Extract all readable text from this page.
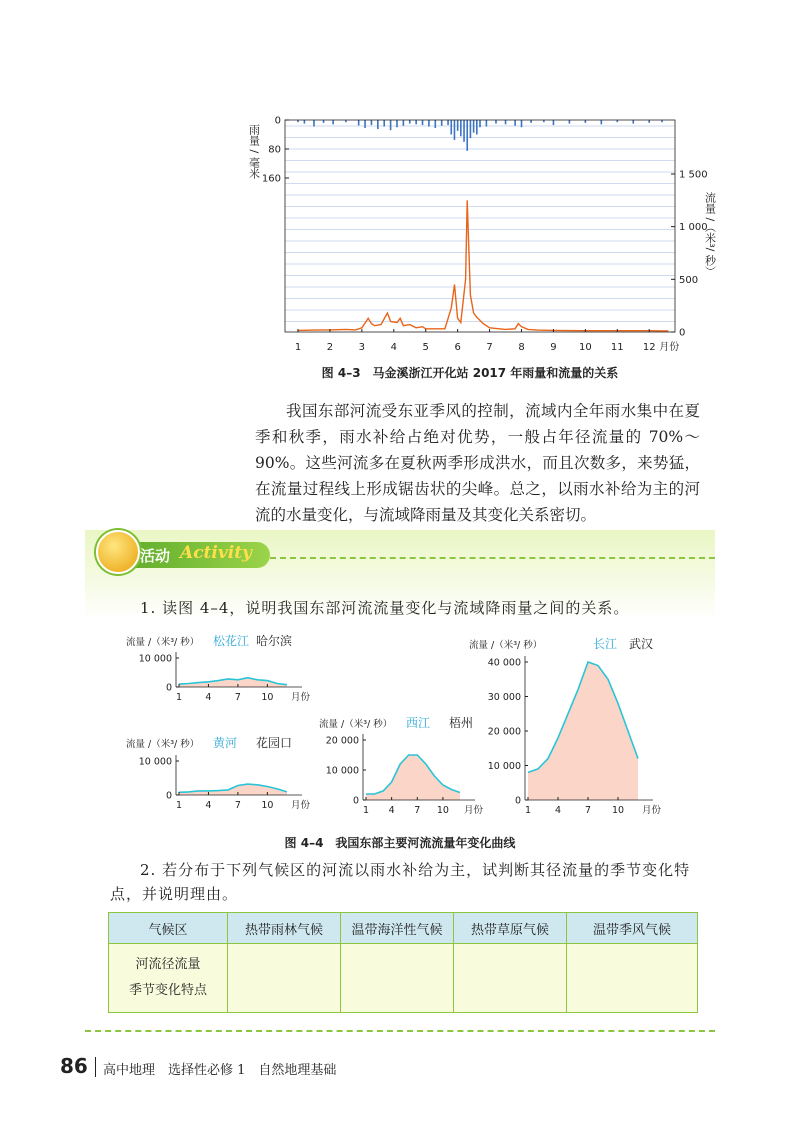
0
80
160
0
500
1 000
1 500
1	2	3	4	5	6	7	8	9 10 11 12 月份
雨量 / 毫米
流量 /（米³/ 秒）
图 4–3　马金溪浙江开化站 2017 年雨量和流量的关系
我国东部河流受东亚季风的控制，流域内全年雨水集中在夏季和秋季，雨水补给占绝对优势，一般占年径流量的 70%～90%。这些河流多在夏秋两季形成洪水，而且次数多，来势猛，在流量过程线上形成锯齿状的尖峰。总之，以雨水补给为主的河流的水量变化，与流域降雨量及其变化关系密切。
活动 Activity
1. 读图 4–4，说明我国东部河流流量变化与流域降雨量之间的关系。
0
10 000
1 4 7 10 月份
流量 /（米³/ 秒） 松花江 哈尔滨
0
10 000
1 4 7 10 月份
流量 /（米³/ 秒） 黄河 花园口
0
10 000
20 000
1 4 7 10 月份
流量 /（米³/ 秒） 西江 梧州
0
10 000
20 000
30 000
40 000
1	4	7 10 月份
流量 /（米³/ 秒）	长江 武汉
图 4–4　我国东部主要河流流量年变化曲线
2. 若分布于下列气候区的河流以雨水补给为主，试判断其径流量的季节变化特点，并说明理由。
气候区	热带雨林气候	温带海洋性气候	热带草原气候	温带季风气候
河流径流量
季节变化特点				
86 高中地理　选择性必修 1　自然地理基础
